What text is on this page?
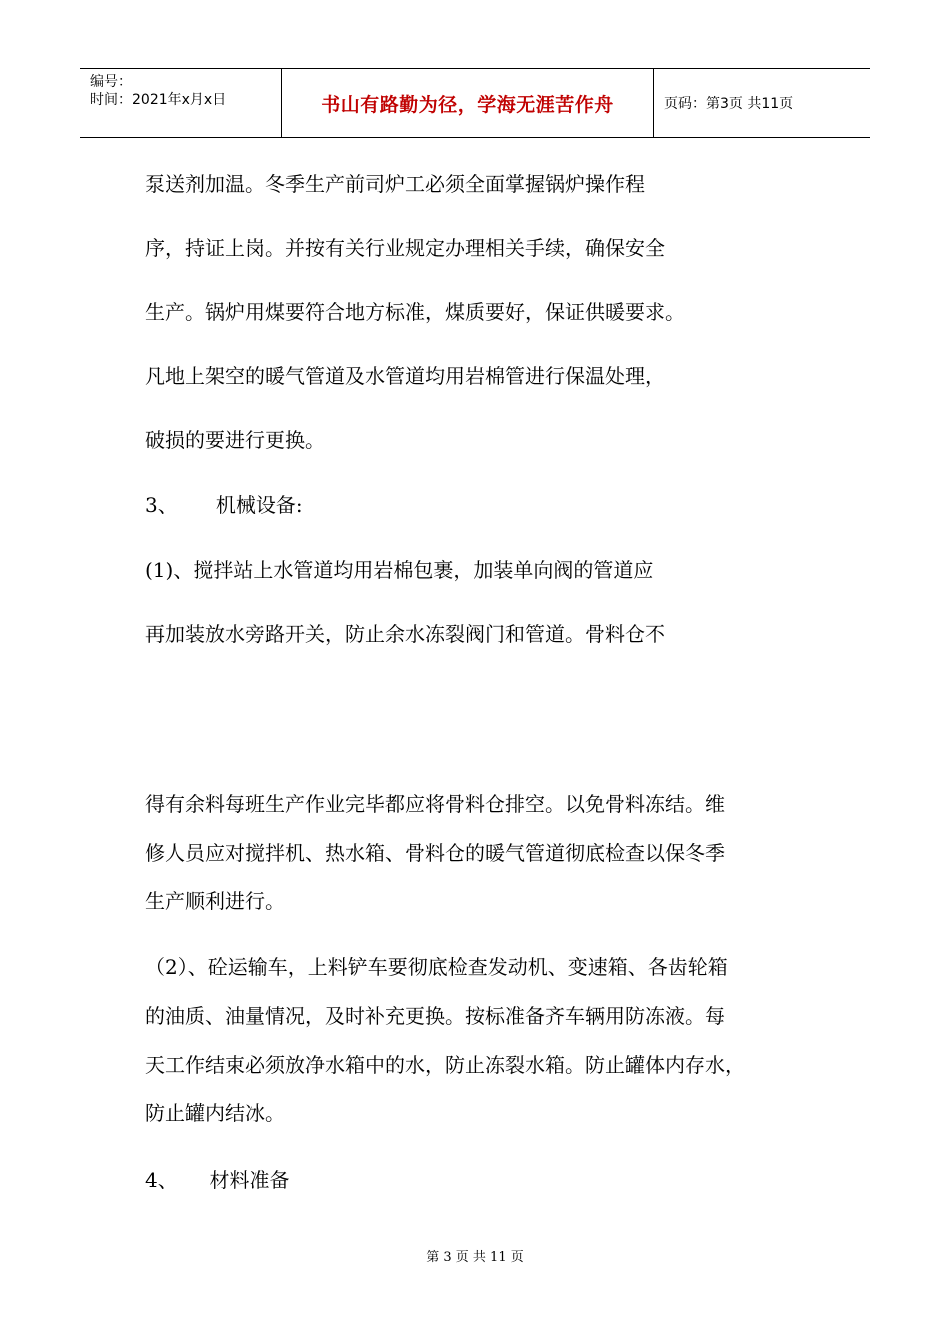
编号：
时间：2021年x月x日	书山有路勤为径，学海无涯苦作舟	页码：第3页 共11页
泵送剂加温。冬季生产前司炉工必须全面掌握锅炉操作程
序，持证上岗。并按有关行业规定办理相关手续，确保安全
生产。锅炉用煤要符合地方标准，煤质要好，保证供暖要求。
凡地上架空的暖气管道及水管道均用岩棉管进行保温处理，
破损的要进行更换。
3、      机械设备:
(1)、搅拌站上水管道均用岩棉包裹，加装单向阀的管道应
再加装放水旁路开关，防止余水冻裂阀门和管道。骨料仓不
得有余料每班生产作业完毕都应将骨料仓排空。以免骨料冻结。维
修人员应对搅拌机、热水箱、骨料仓的暖气管道彻底检查以保冬季
生产顺利进行。
（2）、砼运输车，上料铲车要彻底检查发动机、变速箱、各齿轮箱
的油质、油量情况，及时补充更换。按标准备齐车辆用防冻液。每
天工作结束必须放净水箱中的水，防止冻裂水箱。防止罐体内存水，
防止罐内结冰。
4、     材料准备
第 3 页 共 11 页
